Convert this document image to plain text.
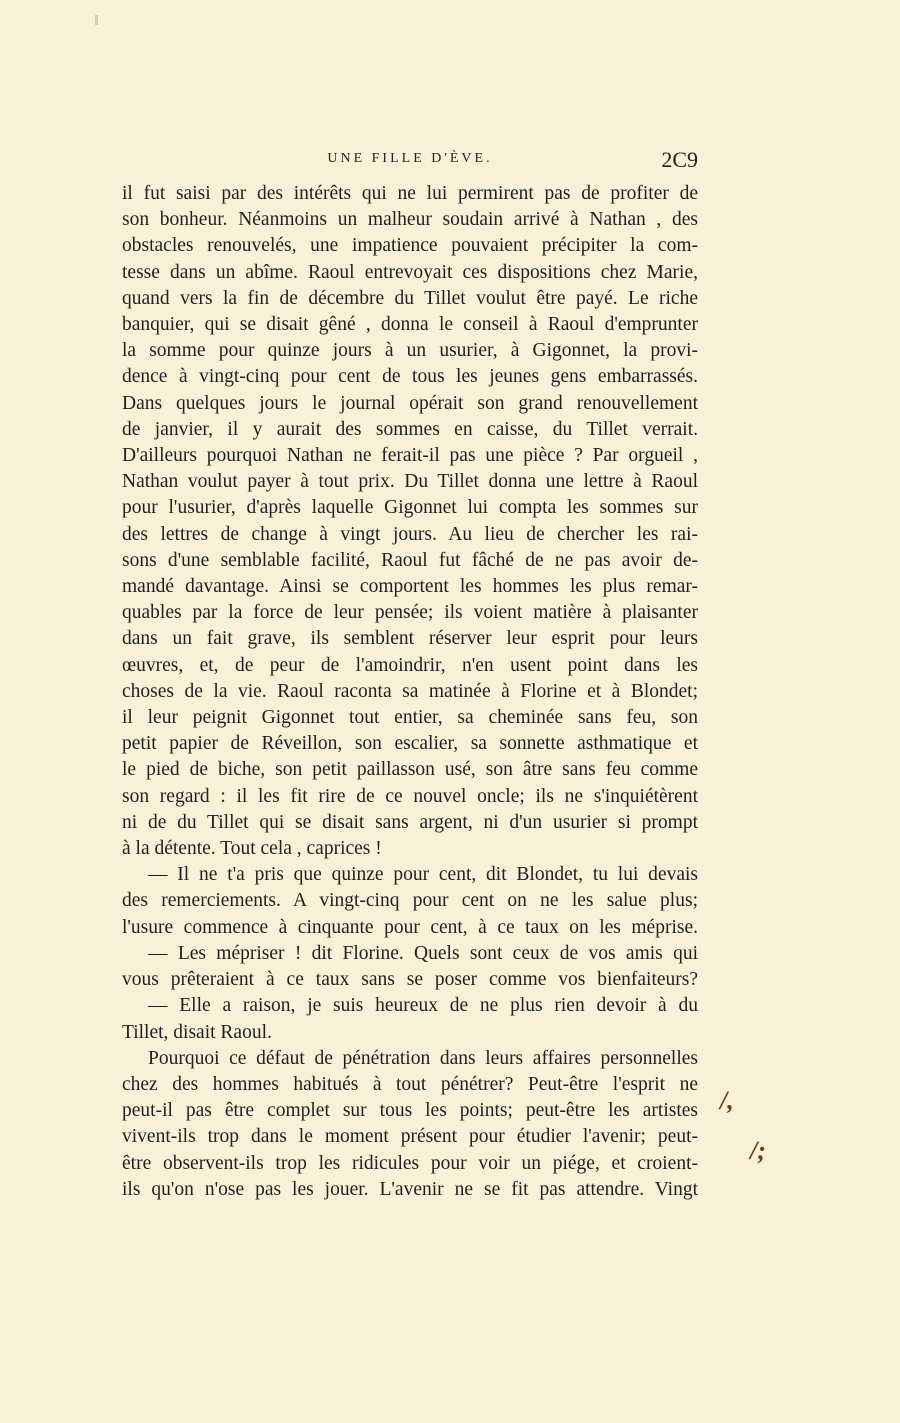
UNE FILLE D'ÈVE.	2C9
il fut saisi par des intérêts qui ne lui permirent pas de profiter de
son bonheur. Néanmoins un malheur soudain arrivé à Nathan , des
obstacles renouvelés, une impatience pouvaient précipiter la com-
tesse dans un abîme. Raoul entrevoyait ces dispositions chez Marie,
quand vers la fin de décembre du Tillet voulut être payé. Le riche
banquier, qui se disait gêné , donna le conseil à Raoul d'emprunter
la somme pour quinze jours à un usurier, à Gigonnet, la provi-
dence à vingt-cinq pour cent de tous les jeunes gens embarrassés.
Dans quelques jours le journal opérait son grand renouvellement
de janvier, il y aurait des sommes en caisse, du Tillet verrait.
D'ailleurs pourquoi Nathan ne ferait-il pas une pièce ? Par orgueil ,
Nathan voulut payer à tout prix. Du Tillet donna une lettre à Raoul
pour l'usurier, d'après laquelle Gigonnet lui compta les sommes sur
des lettres de change à vingt jours. Au lieu de chercher les rai-
sons d'une semblable facilité, Raoul fut fâché de ne pas avoir de-
mandé davantage. Ainsi se comportent les hommes les plus remar-
quables par la force de leur pensée; ils voient matière à plaisanter
dans un fait grave, ils semblent réserver leur esprit pour leurs
œuvres, et, de peur de l'amoindrir, n'en usent point dans les
choses de la vie. Raoul raconta sa matinée à Florine et à Blondet;
il leur peignit Gigonnet tout entier, sa cheminée sans feu, son
petit papier de Réveillon, son escalier, sa sonnette asthmatique et
le pied de biche, son petit paillasson usé, son âtre sans feu comme
son regard : il les fit rire de ce nouvel oncle; ils ne s'inquiétèrent
ni de du Tillet qui se disait sans argent, ni d'un usurier si prompt
à la détente. Tout cela , caprices !
— Il ne t'a pris que quinze pour cent, dit Blondet, tu lui devais
des remerciements. A vingt-cinq pour cent on ne les salue plus;
l'usure commence à cinquante pour cent, à ce taux on les méprise.
— Les mépriser ! dit Florine. Quels sont ceux de vos amis qui
vous prêteraient à ce taux sans se poser comme vos bienfaiteurs?
— Elle a raison, je suis heureux de ne plus rien devoir à du
Tillet, disait Raoul.
Pourquoi ce défaut de pénétration dans leurs affaires personnelles
chez des hommes habitués à tout pénétrer? Peut-être l'esprit ne
peut-il pas être complet sur tous les points; peut-être les artistes
vivent-ils trop dans le moment présent pour étudier l'avenir; peut-
être observent-ils trop les ridicules pour voir un piége, et croient-
ils qu'on n'ose pas les jouer. L'avenir ne se fit pas attendre. Vingt
/,
/;
